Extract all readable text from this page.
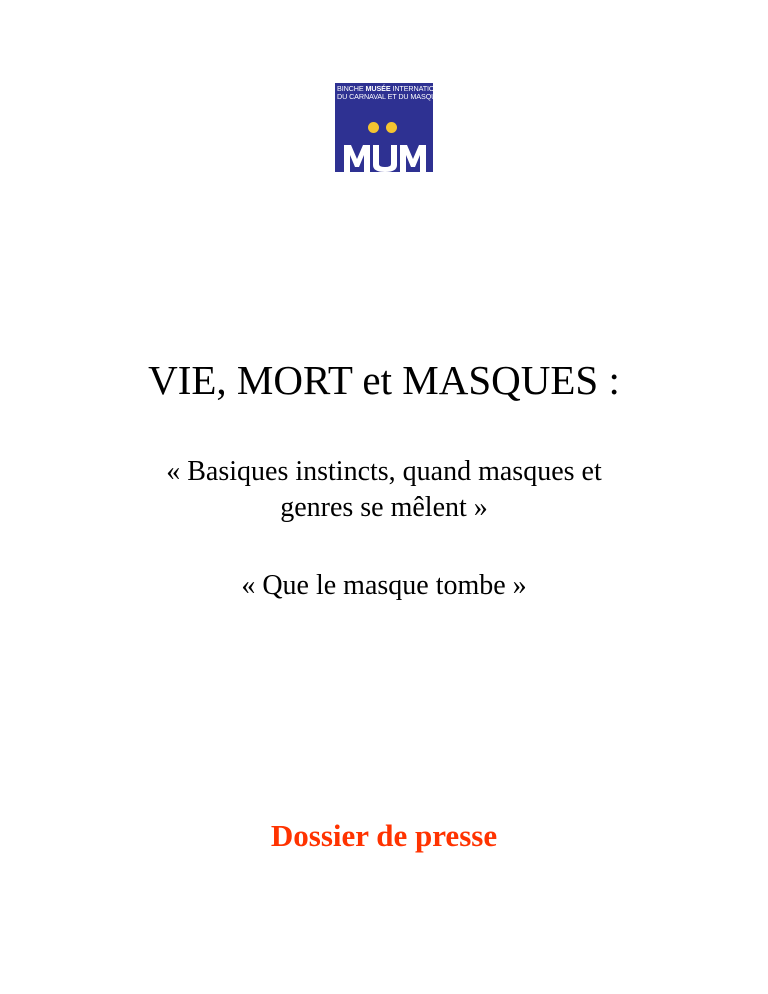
BINCHE MUSÉE INTERNATIONAL
DU CARNAVAL ET DU MASQUE
VIE, MORT et MASQUES :

« Basiques instincts, quand masques et
genres se mêlent »

« Que le masque tombe »

Dossier de presse
